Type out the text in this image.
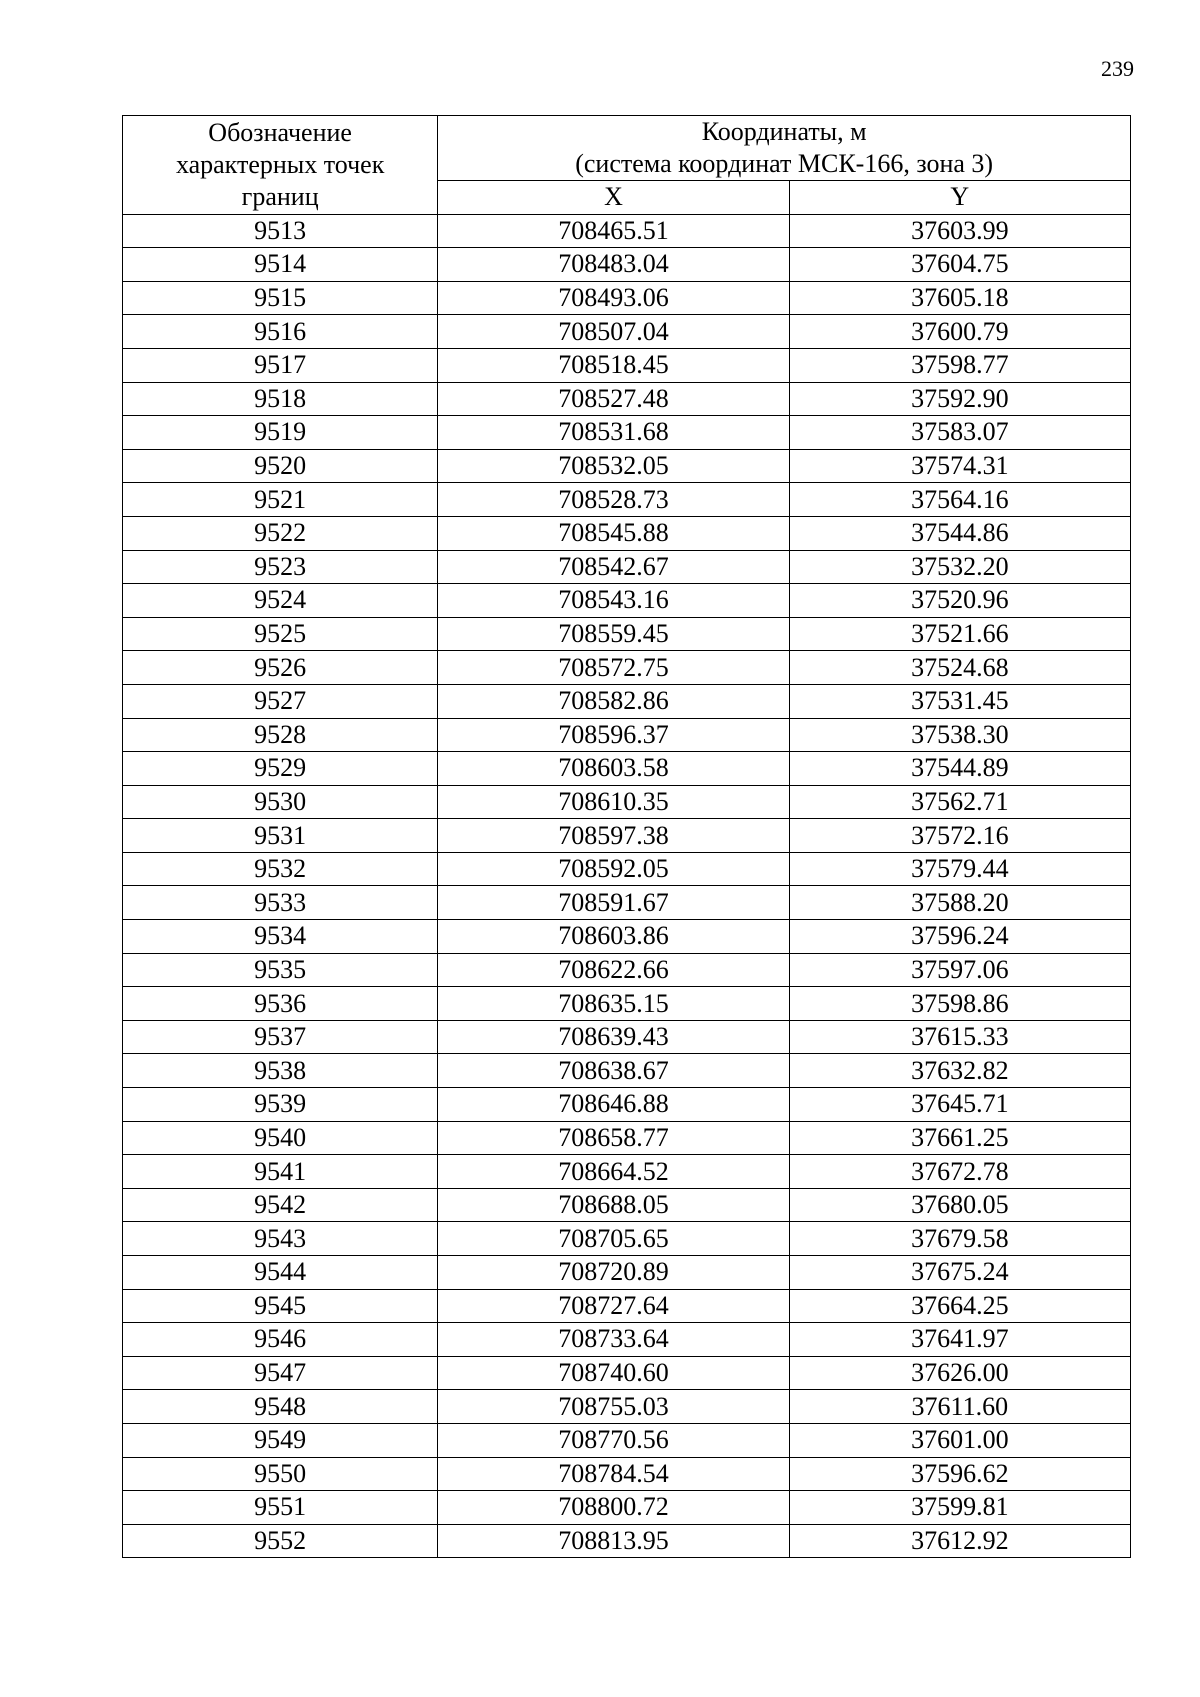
239
Обозначение характерных точек границ	Координаты, м
(система координат МСК-166, зона 3)	

	X	Y
9513	708465.51	37603.99
9514	708483.04	37604.75
9515	708493.06	37605.18
9516	708507.04	37600.79
9517	708518.45	37598.77
9518	708527.48	37592.90
9519	708531.68	37583.07
9520	708532.05	37574.31
9521	708528.73	37564.16
9522	708545.88	37544.86
9523	708542.67	37532.20
9524	708543.16	37520.96
9525	708559.45	37521.66
9526	708572.75	37524.68
9527	708582.86	37531.45
9528	708596.37	37538.30
9529	708603.58	37544.89
9530	708610.35	37562.71
9531	708597.38	37572.16
9532	708592.05	37579.44
9533	708591.67	37588.20
9534	708603.86	37596.24
9535	708622.66	37597.06
9536	708635.15	37598.86
9537	708639.43	37615.33
9538	708638.67	37632.82
9539	708646.88	37645.71
9540	708658.77	37661.25
9541	708664.52	37672.78
9542	708688.05	37680.05
9543	708705.65	37679.58
9544	708720.89	37675.24
9545	708727.64	37664.25
9546	708733.64	37641.97
9547	708740.60	37626.00
9548	708755.03	37611.60
9549	708770.56	37601.00
9550	708784.54	37596.62
9551	708800.72	37599.81
9552	708813.95	37612.92
